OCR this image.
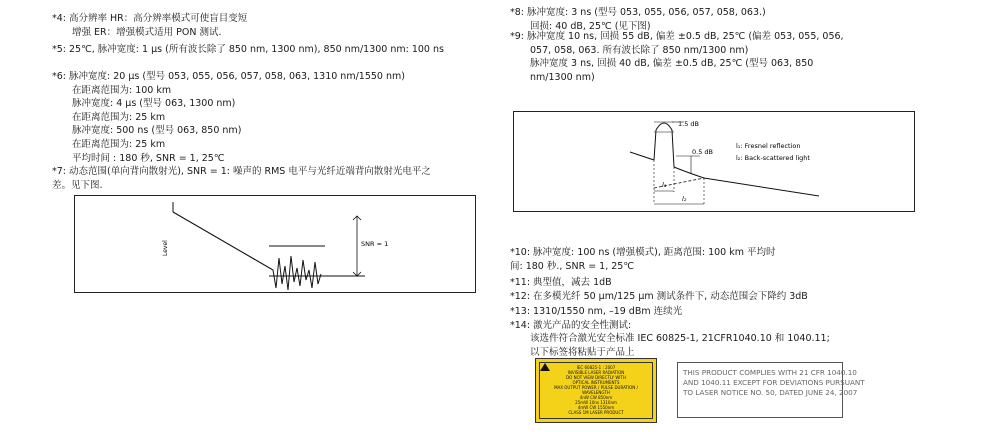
*4: 高分辨率 HR：高分辨率模式可使盲目变短

增强 ER：增强模式适用 PON 测试.

*5: 25℃, 脉冲宽度: 1 μs (所有波长除了 850 nm, 1300 nm), 850 nm/1300 nm: 100 ns

*6: 脉冲宽度: 20 μs (型号 053, 055, 056, 057, 058, 063, 1310 nm/1550 nm)

在距离范围为: 100 km

脉冲宽度: 4 μs (型号 063, 1300 nm)

在距离范围为: 25 km

脉冲宽度: 500 ns (型号 063, 850 nm)

在距离范围为: 25 km

平均时间 : 180 秒, SNR = 1, 25℃

*7: 动态范围(单向背向散射光), SNR = 1: 噪声的 RMS 电平与光纤近端背向散射光电平之

差。见下图.

Level	SNR = 1

*8: 脉冲宽度: 3 ns (型号 053, 055, 056, 057, 058, 063.)

回损: 40 dB, 25℃ (见下图)

*9: 脉冲宽度 10 ns, 回损 55 dB, 偏差 ±0.5 dB, 25℃ (偏差 053, 055, 056,

057, 058, 063. 所有波长除了 850 nm/1300 nm)

脉冲宽度 3 ns, 回损 40 dB, 偏差 ±0.5 dB, 25℃ (型号 063, 850

nm/1300 nm)

1.5 dB
0.5 dB
l₁
l₂
l₁: Fresnel reflection
l₂: Back-scattered light

*10: 脉冲宽度: 100 ns (增强模式), 距离范围: 100 km 平均时

间: 180 秒., SNR = 1, 25℃

*11: 典型值，减去 1dB

*12: 在多模光纤 50 μm/125 μm 测试条件下, 动态范围会下降约 3dB

*13: 1310/1550 nm, –19 dBm 连续光

*14: 激光产品的安全性测试:

该选件符合激光安全标准 IEC 60825-1, 21CFR1040.10 和 1040.11;

以下标签将粘贴于产品上

IEC 60825-1 : 2007
INVISIBLE LASER RADIATION
DO NOT VIEW DIRECTLY WITH
OPTICAL INSTRUMENTS
MAX OUTPUT POWER / PULSE DURATION / WAVELENGTH
4nW CW 850nm
25mW 10ns 1310nm
4mW CW 1550nm
CLASS 1M LASER PRODUCT
THIS PRODUCT COMPLIES WITH 21 CFR 1040.10
AND 1040.11 EXCEPT FOR DEVIATIONS PURSUANT
TO LASER NOTICE NO. 50, DATED JUNE 24, 2007
